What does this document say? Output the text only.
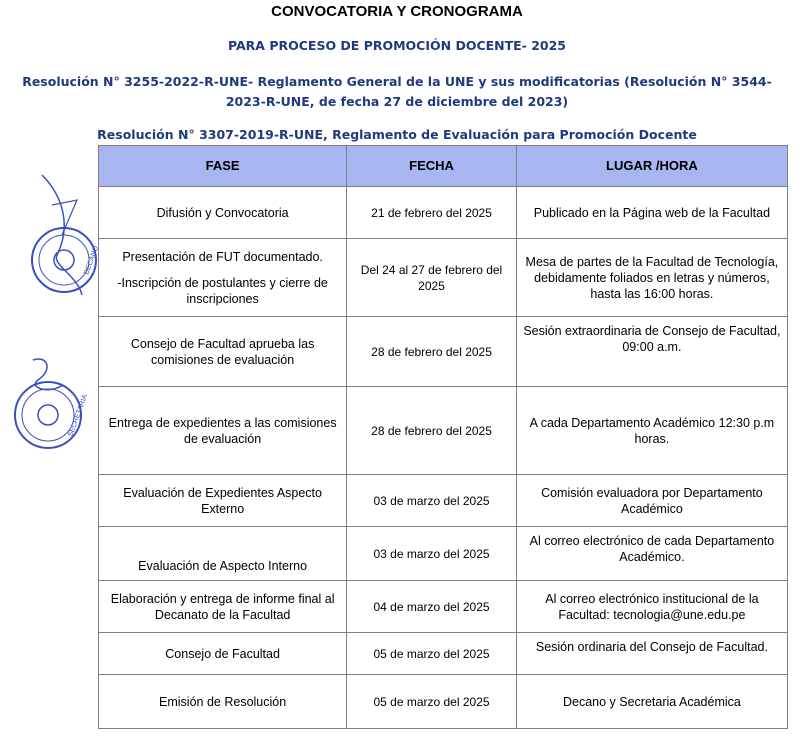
CONVOCATORIA Y CRONOGRAMA
PARA PROCESO DE PROMOCIÓN DOCENTE- 2025
Resolución N° 3255-2022-R-UNE- Reglamento General de la UNE y sus modificatorias (Resolución N° 3544-
2023-R-UNE, de fecha 27 de diciembre del 2023)
Resolución N° 3307-2019-R-UNE, Reglamento de Evaluación para Promoción Docente
DECANO
SECRETARIA
FASE	FECHA	LUGAR /HORA
Difusión y Convocatoria	21 de febrero del 2025	Publicado en la Página web de la Facultad
Presentación de FUT documentado.
-Inscripción de postulantes y cierre de inscripciones	Del 24 al 27 de febrero del 2025	Mesa de partes de la Facultad de Tecnología, debidamente foliados en letras y números, hasta las 16:00 horas.
Consejo de Facultad aprueba las comisiones de evaluación	28 de febrero del 2025	Sesión extraordinaria de Consejo de Facultad, 09:00 a.m.
Entrega de expedientes a las comisiones de evaluación	28 de febrero del 2025	A cada Departamento Académico 12:30 p.m horas.
Evaluación de Expedientes Aspecto Externo	03 de marzo del 2025	Comisión evaluadora por Departamento Académico
Evaluación de Aspecto Interno	03 de marzo del 2025	Al correo electrónico de cada Departamento Académico.
Elaboración y entrega de informe final al Decanato de la Facultad	04 de marzo del 2025	Al correo electrónico institucional de la Facultad: tecnologia@une.edu.pe
Consejo de Facultad	05 de marzo del 2025	Sesión ordinaria del Consejo de Facultad.
Emisión de Resolución	05 de marzo del 2025	Decano y Secretaria Académica
